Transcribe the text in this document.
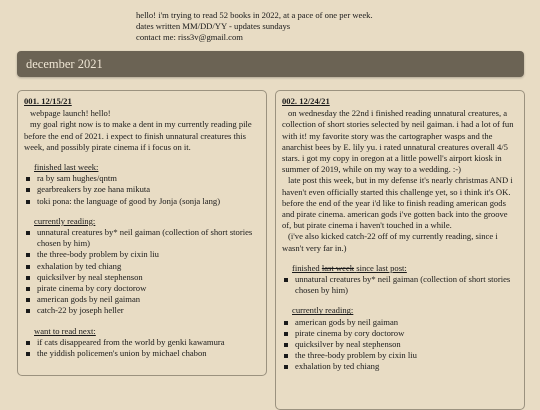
hello! i'm trying to read 52 books in 2022, at a pace of one per week.
dates written MM/DD/YY - updates sundays
contact me: riss3v@gmail.com
december 2021
001. 12/15/21

webpage launch! hello!

my goal right now is to make a dent in my currently reading pile before the end of 2021. i expect to finish unnatural creatures this week, and possibly pirate cinema if i focus on it.

finished last week:
ra by sam hughes/qntm
gearbreakers by zoe hana mikuta
toki pona: the language of good by Jonja (sonja lang)
currently reading:
unnatural creatures by* neil gaiman (collection of short stories chosen by him)
the three-body problem by cixin liu
exhalation by ted chiang
quicksilver by neal stephenson
pirate cinema by cory doctorow
american gods by neil gaiman
catch-22 by joseph heller
want to read next:
if cats disappeared from the world by genki kawamura
the yiddish policemen's union by michael chabon
002. 12/24/21

on wednesday the 22nd i finished reading unnatural creatures, a collection of short stories selected by neil gaiman. i had a lot of fun with it! my favorite story was the cartographer wasps and the anarchist bees by E. lily yu. i rated unnatural creatures overall 4/5 stars. i got my copy in oregon at a little powell's airport kiosk in summer of 2019, while on my way to a wedding. :-)

late post this week, but in my defense it's nearly christmas AND i haven't even officially started this challenge yet, so i think it's OK. before the end of the year i'd like to finish reading american gods and pirate cinema. american gods i've gotten back into the groove of, but pirate cinema i haven't touched in a while.

(i've also kicked catch-22 off of my currently reading, since i wasn't very far in.)

finished last week since last post:
unnatural creatures by* neil gaiman (collection of short stories chosen by him)
currently reading:
american gods by neil gaiman
pirate cinema by cory doctorow
quicksilver by neal stephenson
the three-body problem by cixin liu
exhalation by ted chiang
